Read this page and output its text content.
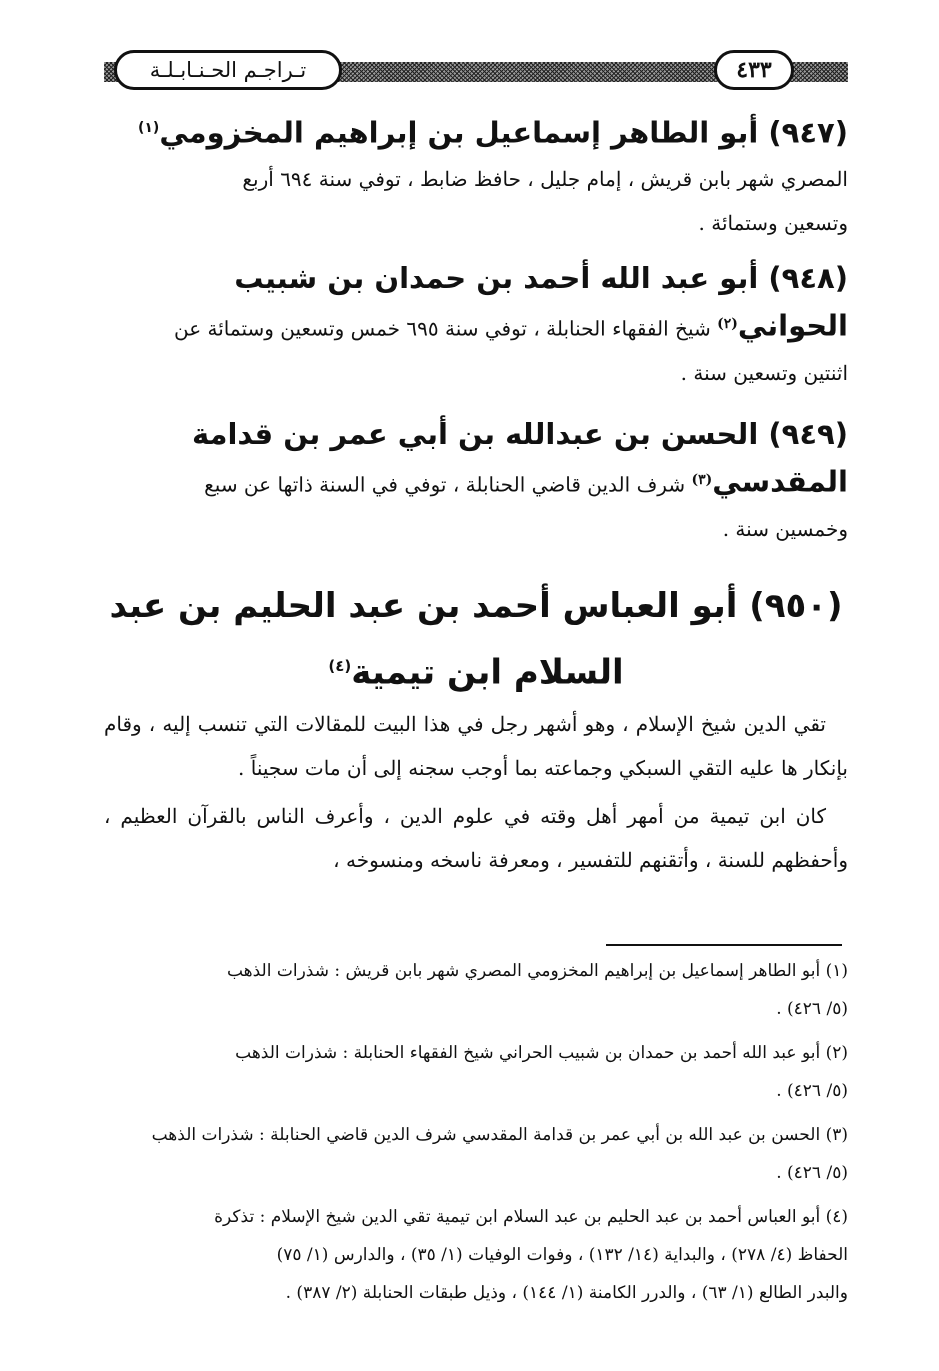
تـراجـم الحـنـابـلـة	٤٣٣

(٩٤٧) أبو الطاهر إسماعيل بن إبراهيم المخزومي$^{(١)}$

المصري شهر بابن قريش ، إمام جليل ، حافظ ضابط ، توفي سنة ٦٩٤ أربع

وتسعين وستمائة .

(٩٤٨) أبو عبد الله أحمد بن حمدان بن شبيب

الحواني$^{(٢)}$ شيخ الفقهاء الحنابلة ، توفي سنة ٦٩٥ خمس وتسعين وستمائة عن

اثنتين وتسعين سنة .

(٩٤٩) الحسن بن عبدالله بن أبي عمر بن قدامة

المقدسي$^{(٣)}$ شرف الدين قاضي الحنابلة ، توفي في السنة ذاتها عن سبع

وخمسين سنة .

(٩٥٠) أبو العباس أحمد بن عبد الحليم بن عبد

السلام ابن تيمية$^{(٤)}$

تقي الدين شيخ الإسلام ، وهو أشهر رجل في هذا البيت للمقالات التي تنسب إليه ، وقام بإنكار ها عليه التقي السبكي وجماعته بما أوجب سجنه إلى أن مات سجيناً .

كان ابن تيمية من أمهر أهل وقته في علوم الدين ، وأعرف الناس بالقرآن العظيم ، وأحفظهم للسنة ، وأتقنهم للتفسير ، ومعرفة ناسخه ومنسوخه ،

(١) أبو الطاهر إسماعيل بن إبراهيم المخزومي المصري شهر بابن قريش : شذرات الذهب

(٥/ ٤٢٦) .

(٢) أبو عبد الله أحمد بن حمدان بن شبيب الحراني شيخ الفقهاء الحنابلة : شذرات الذهب

(٥/ ٤٢٦) .

(٣) الحسن بن عبد الله بن أبي عمر بن قدامة المقدسي شرف الدين قاضي الحنابلة : شذرات الذهب

(٥/ ٤٢٦) .

(٤) أبو العباس أحمد بن عبد الحليم بن عبد السلام ابن تيمية تقي الدين شيخ الإسلام : تذكرة

الحفاظ (٤/ ٢٧٨) ، والبداية (١٤/ ١٣٢) ، وفوات الوفيات (١/ ٣٥) ، والدارس (١/ ٧٥)

والبدر الطالع (١/ ٦٣) ، والدرر الكامنة (١/ ١٤٤) ، وذيل طبقات الحنابلة (٢/ ٣٨٧) .
